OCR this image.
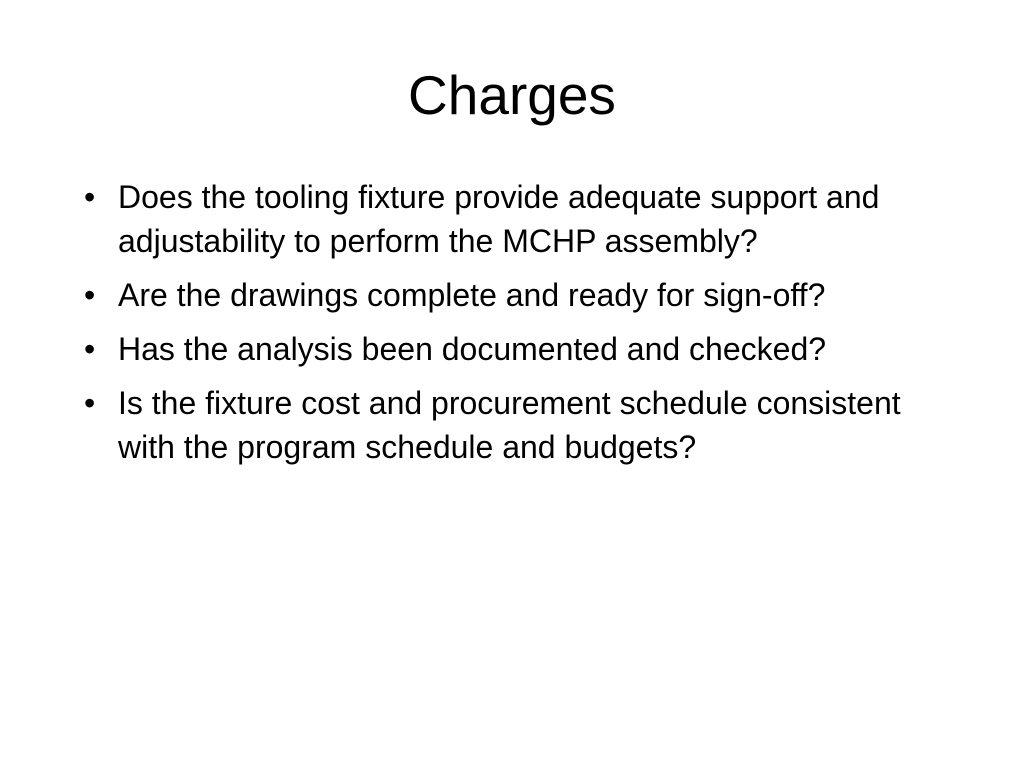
Charges
• Does the tooling fixture provide adequate support and adjustability to perform the MCHP assembly?
• Are the drawings complete and ready for sign-off?
• Has the analysis been documented and checked?
• Is the fixture cost and procurement schedule consistent with the program schedule and budgets?
